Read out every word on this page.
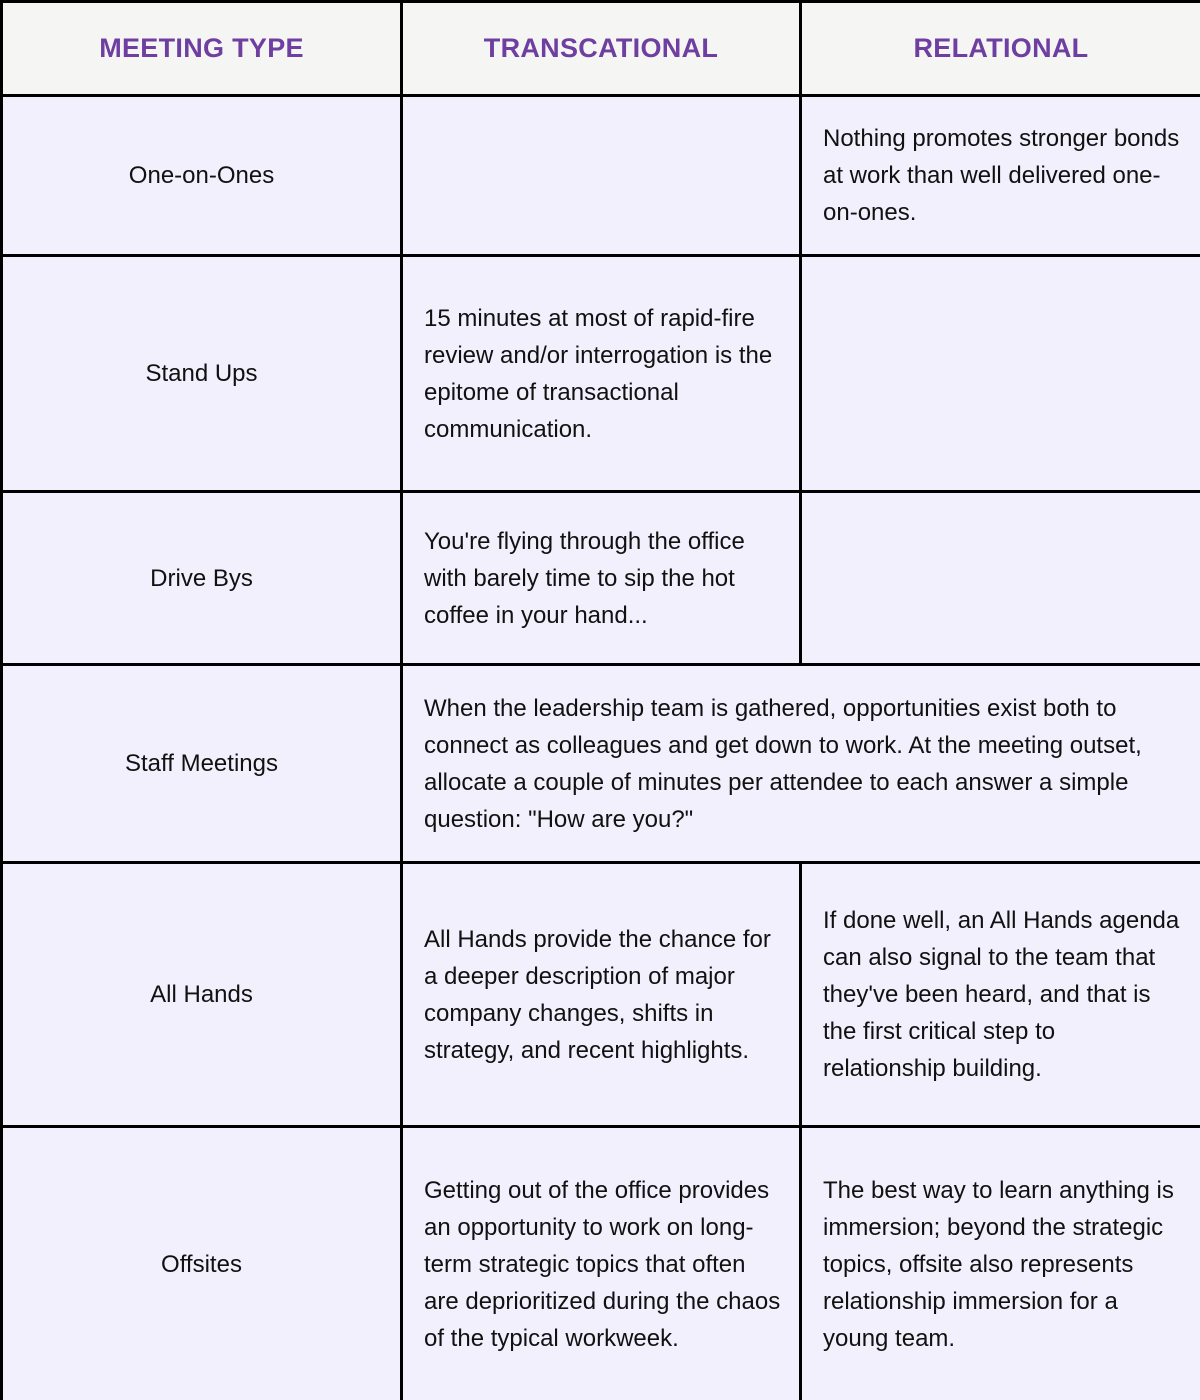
MEETING TYPE	TRANSCATIONAL	RELATIONAL
One-on-Ones		Nothing promotes stronger bonds at work than well delivered one-on-ones.
Stand Ups	15 minutes at most of rapid-fire review and/or interrogation is the epitome of transactional communication.	
Drive Bys	You're flying through the office with barely time to sip the hot coffee in your hand...	
Staff Meetings	When the leadership team is gathered, opportunities exist both to connect as colleagues and get down to work. At the meeting outset, allocate a couple of minutes per attendee to each answer a simple question: "How are you?"	
All Hands	All Hands provide the chance for a deeper description of major company changes, shifts in strategy, and recent highlights.	If done well, an All Hands agenda can also signal to the team that they've been heard, and that is the first critical step to relationship building.
Offsites	Getting out of the office provides an opportunity to work on long-term strategic topics that often are deprioritized during the chaos of the typical workweek.	The best way to learn anything is immersion; beyond the strategic topics, offsite also represents relationship immersion for a young team.
